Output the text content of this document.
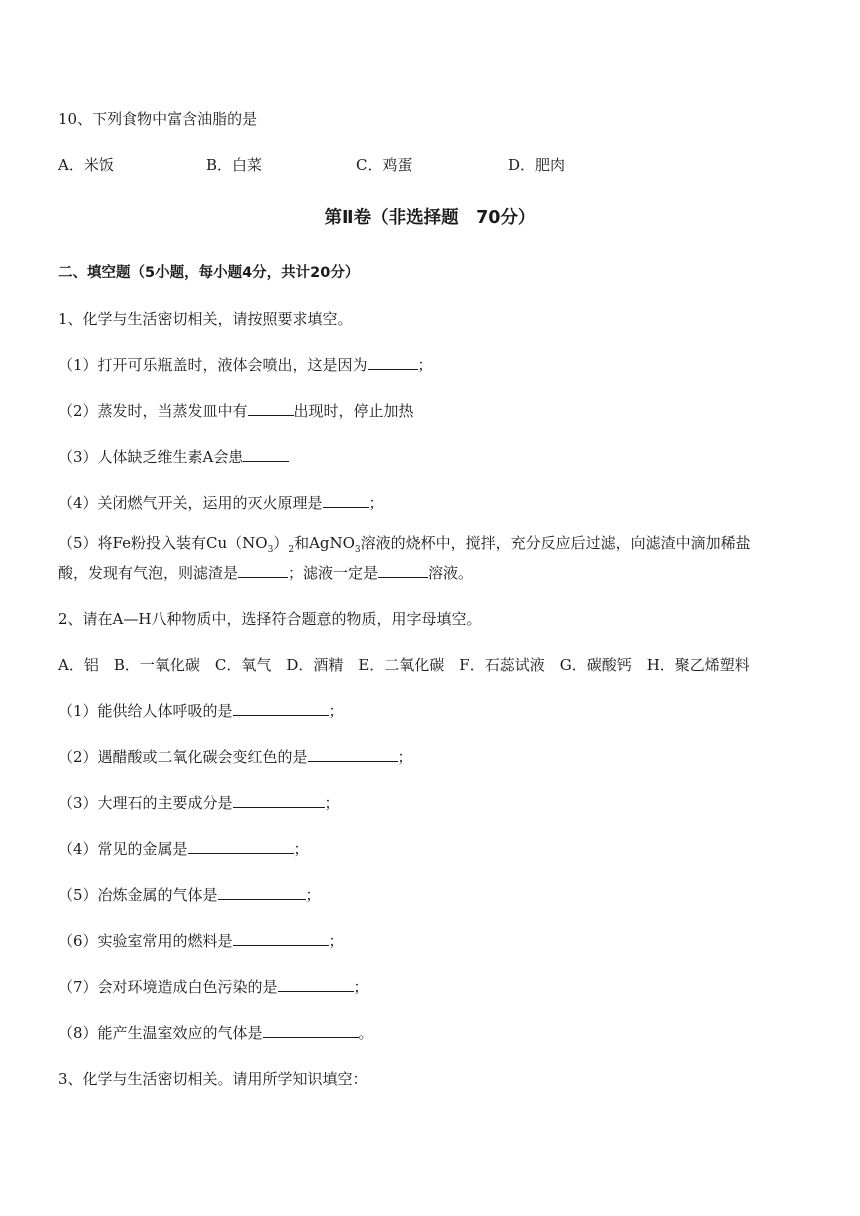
10、下列食物中富含油脂的是
A．米饭	B．白菜	C．鸡蛋	D．肥肉
第Ⅱ卷（非选择题　70分）
二、填空题（5小题，每小题4分，共计20分）
1、化学与生活密切相关，请按照要求填空。
（1）打开可乐瓶盖时，液体会喷出，这是因为	；
（2）蒸发时，当蒸发皿中有	出现时，停止加热
（3）人体缺乏维生素A会患
（4）关闭燃气开关，运用的灭火原理是	；
（5）将Fe粉投入装有$Cu(NO_3)_2$和AgNO$_3$溶液的烧杯中，搅拌，充分反应后过滤，向滤渣中滴加稀盐
酸，发现有气泡，则滤渣是	；滤液一定是	溶液。
2、请在A—H八种物质中，选择符合题意的物质，用字母填空。
A．铝　B．一氧化碳　C．氧气　D．酒精　E．二氧化碳　F．石蕊试液　G．碳酸钙　H．聚乙烯塑料
（1）能供给人体呼吸的是	；
（2）遇醋酸或二氧化碳会变红色的是	；
（3）大理石的主要成分是	；
（4）常见的金属是	；
（5）冶炼金属的气体是	；
（6）实验室常用的燃料是	；
（7）会对环境造成白色污染的是	；
（8）能产生温室效应的气体是	。
3、化学与生活密切相关。请用所学知识填空：
